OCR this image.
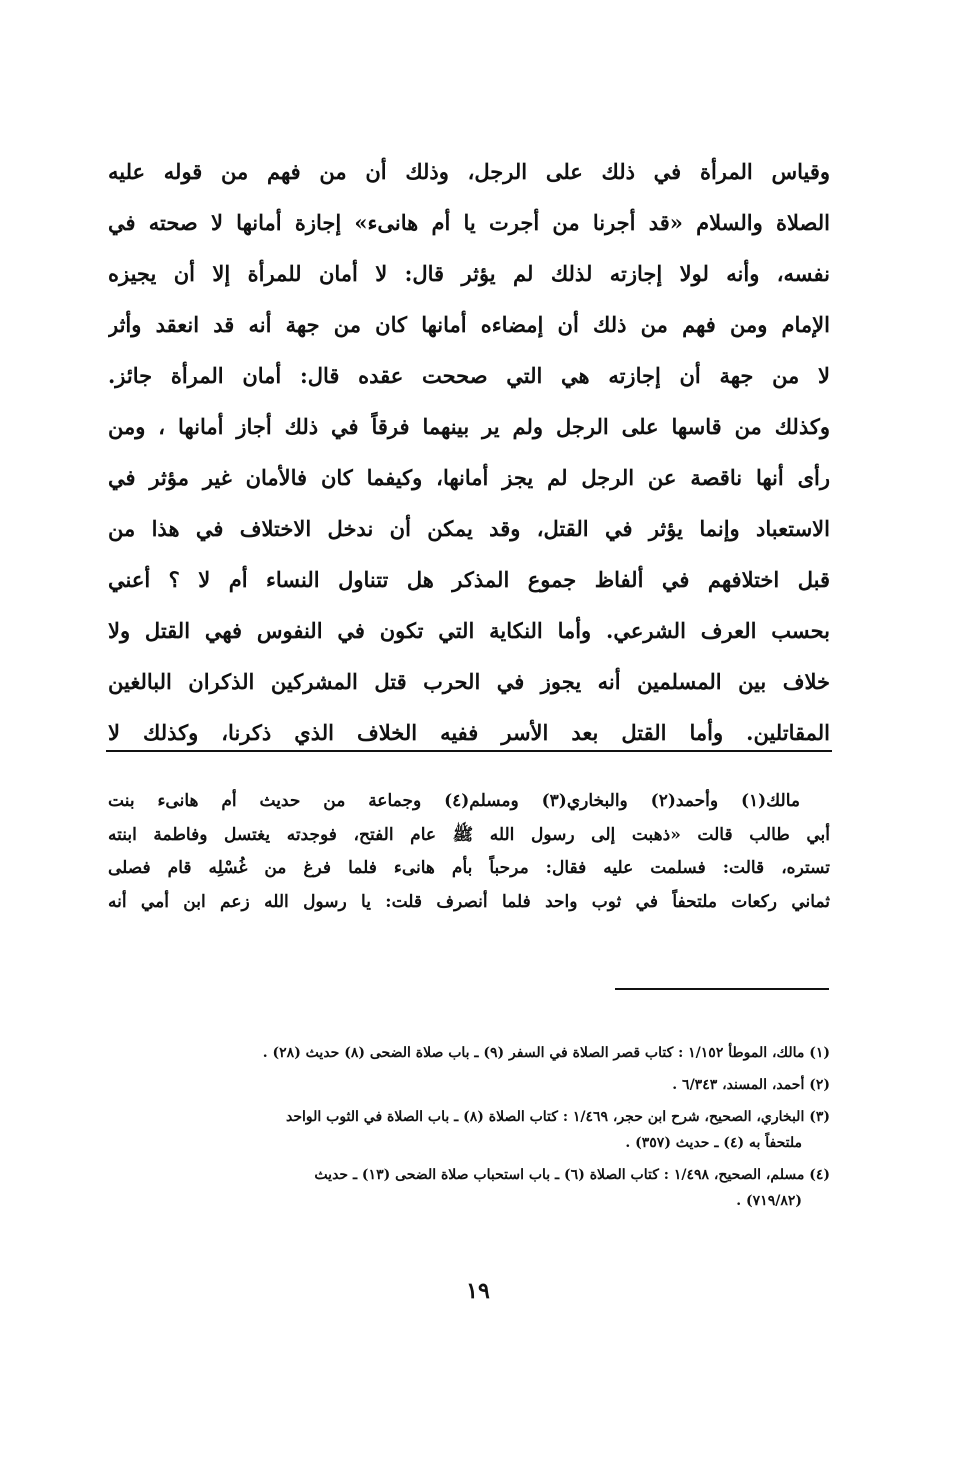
وقياس المرأة في ذلك على الرجل، وذلك أن من فهم من قوله عليه
الصلاة والسلام «قد أجرنا من أجرت يا أم هانىء» إجازة أمانها لا صحته في
نفسه، وأنه لولا إجازته لذلك لم يؤثر قال: لا أمان للمرأة إلا أن يجيزه
الإمام ومن فهم من ذلك أن إمضاءه أمانها كان من جهة أنه قد انعقد وأثر
لا من جهة أن إجازته هي التي صححت عقده قال: أمان المرأة جائز.
وكذلك من قاسها على الرجل ولم ير بينهما فرقاً في ذلك أجاز أمانها ، ومن
رأى أنها ناقصة عن الرجل لم يجز أمانها، وكيفما كان فالأمان غير مؤثر في
الاستعباد وإنما يؤثر في القتل، وقد يمكن أن ندخل الاختلاف في هذا من
قبل اختلافهم في ألفاظ جموع المذكر هل تتناول النساء أم لا ؟ أعني
بحسب العرف الشرعي. وأما النكاية التي تكون في النفوس فهي القتل ولا
خلاف بين المسلمين أنه يجوز في الحرب قتل المشركين الذكران البالغين
المقاتلين. وأما القتل بعد الأسر ففيه الخلاف الذي ذكرنا، وكذلك لا
مالك(١) وأحمد(٢) والبخاري(٣) ومسلم(٤) وجماعة من حديث أم هانىء بنت
أبي طالب قالت «ذهبت إلى رسول الله ﷺ عام الفتح، فوجدته يغتسل وفاطمة ابنته
تستره، قالت: فسلمت عليه فقال: مرحباً بأم هانىء فلما فرغ من غُسْلِه قام فصلى
ثماني ركعات ملتحفاً في ثوب واحد فلما أنصرف قلت: يا رسول الله زعم ابن أمي أنه
(١) مالك، الموطأ ١/١٥٢ : كتاب قصر الصلاة في السفر (٩) ـ باب صلاة الضحى (٨) حديث (٢٨) .
(٢) أحمد، المسند، ٦/٣٤٣ .
(٣) البخاري، الصحيح، شرح ابن حجر، ١/٤٦٩ : كتاب الصلاة (٨) ـ باب الصلاة في الثوب الواحد
ملتحفاً به (٤) ـ حديث (٣٥٧) .
(٤) مسلم، الصحيح، ١/٤٩٨ : كتاب الصلاة (٦) ـ باب استحباب صلاة الضحى (١٣) ـ حديث
(٧١٩/٨٢) .
١٩
